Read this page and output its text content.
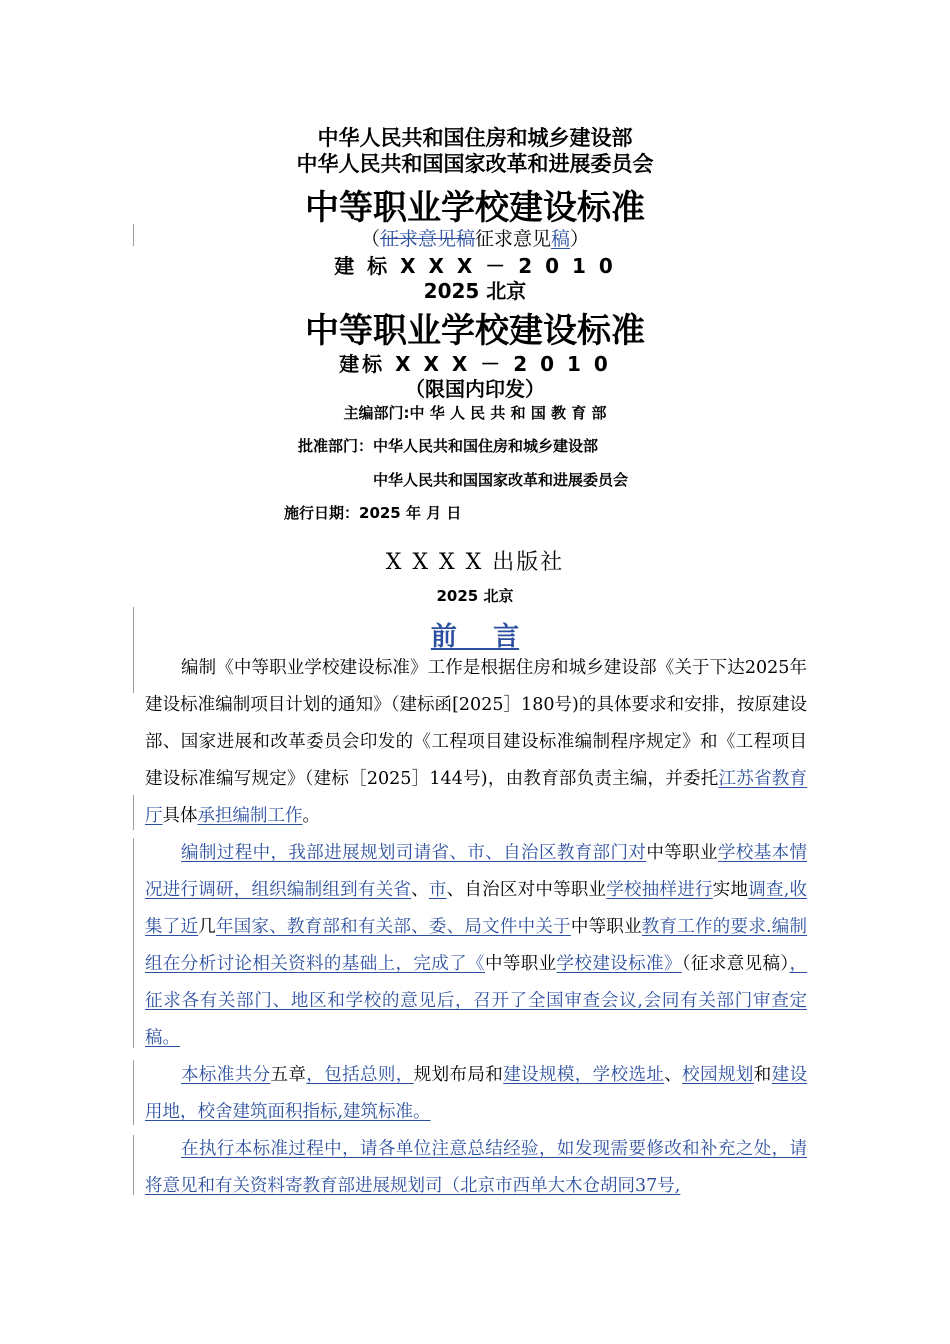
中华人民共和国住房和城乡建设部
中华人民共和国国家改革和进展委员会
中等职业学校建设标准
（征求意见稿征求意见稿）
建 标 X X X － 2 0 1 0
2025 北京
中等职业学校建设标准
建标 X X X － 2 0 1 0
（限国内印发）
主编部门:中 华 人 民 共 和 国 教 育 部
批准部门：中华人民共和国住房和城乡建设部
中华人民共和国国家改革和进展委员会
施行日期：2025 年 月 日
X X X X 出版社
2025 北京
前    言
编制《中等职业学校建设标准》工作是根据住房和城乡建设部《关于下达2025年建设标准编制项目计划的通知》（建标函[2025］180号)的具体要求和安排，按原建设部、国家进展和改革委员会印发的《工程项目建设标准编制程序规定》和《工程项目建设标准编写规定》（建标［2025］144号)，由教育部负责主编，并委托江苏省教育厅具体承担编制工作。
编制过程中，我部进展规划司请省、市、自治区教育部门对中等职业学校基本情况进行调研，组织编制组到有关省、市、自治区对中等职业学校抽样进行实地调查,收集了近几年国家、教育部和有关部、委、局文件中关于中等职业教育工作的要求.编制组在分析讨论相关资料的基础上，完成了《中等职业学校建设标准》（征求意见稿），征求各有关部门、地区和学校的意见后，召开了全国审查会议,会同有关部门审查定稿。
本标准共分五章，包括总则，规划布局和建设规模，学校选址、校园规划和建设用地，校舍建筑面积指标,建筑标准。
在执行本标准过程中，请各单位注意总结经验，如发现需要修改和补充之处，请将意见和有关资料寄教育部进展规划司（北京市西单大木仓胡同37号,
